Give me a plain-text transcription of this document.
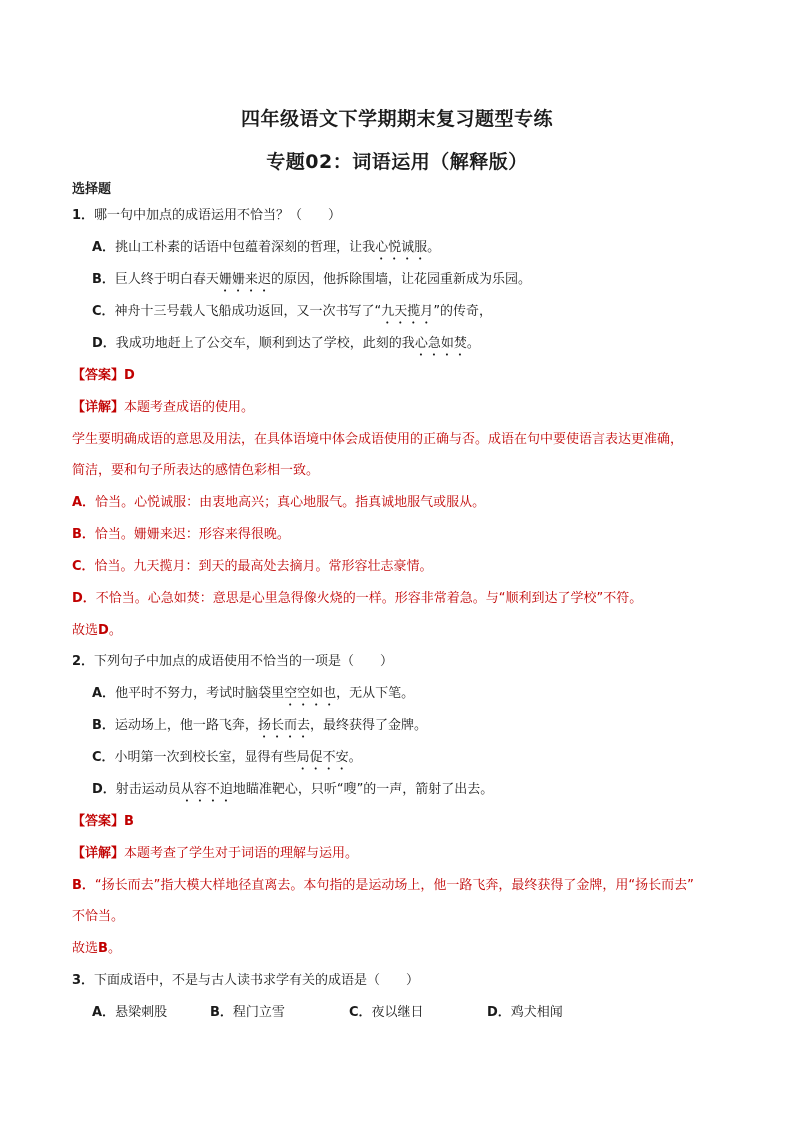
四年级语文下学期期末复习题型专练
专题02：词语运用（解释版）
选择题
1．哪一句中加点的成语运用不恰当？（　　）
A．挑山工朴素的话语中包蕴着深刻的哲理，让我心悦诚服。
B．巨人终于明白春天姗姗来迟的原因，他拆除围墙，让花园重新成为乐园。
C．神舟十三号载人飞船成功返回，又一次书写了“九天揽月”的传奇，
D．我成功地赶上了公交车，顺利到达了学校，此刻的我心急如焚。
【答案】D
【详解】本题考查成语的使用。
学生要明确成语的意思及用法，在具体语境中体会成语使用的正确与否。成语在句中要使语言表达更准确，
简洁，要和句子所表达的感情色彩相一致。
A．恰当。心悦诚服：由衷地高兴；真心地服气。指真诚地服气或服从。
B．恰当。姗姗来迟：形容来得很晚。
C．恰当。九天揽月：到天的最高处去摘月。常形容壮志豪情。
D．不恰当。心急如焚：意思是心里急得像火烧的一样。形容非常着急。与“顺利到达了学校”不符。
故选D。
2．下列句子中加点的成语使用不恰当的一项是（　　）
A．他平时不努力，考试时脑袋里空空如也，无从下笔。
B．运动场上，他一路飞奔，扬长而去，最终获得了金牌。
C．小明第一次到校长室，显得有些局促不安。
D．射击运动员从容不迫地瞄准靶心，只听“嗖”的一声，箭射了出去。
【答案】B
【详解】本题考查了学生对于词语的理解与运用。
B．“扬长而去”指大模大样地径直离去。本句指的是运动场上，他一路飞奔，最终获得了金牌，用“扬长而去”
不恰当。
故选B。
3．下面成语中，不是与古人读书求学有关的成语是（　　）
A．悬梁刺股	B．程门立雪	C．夜以继日	D．鸡犬相闻
